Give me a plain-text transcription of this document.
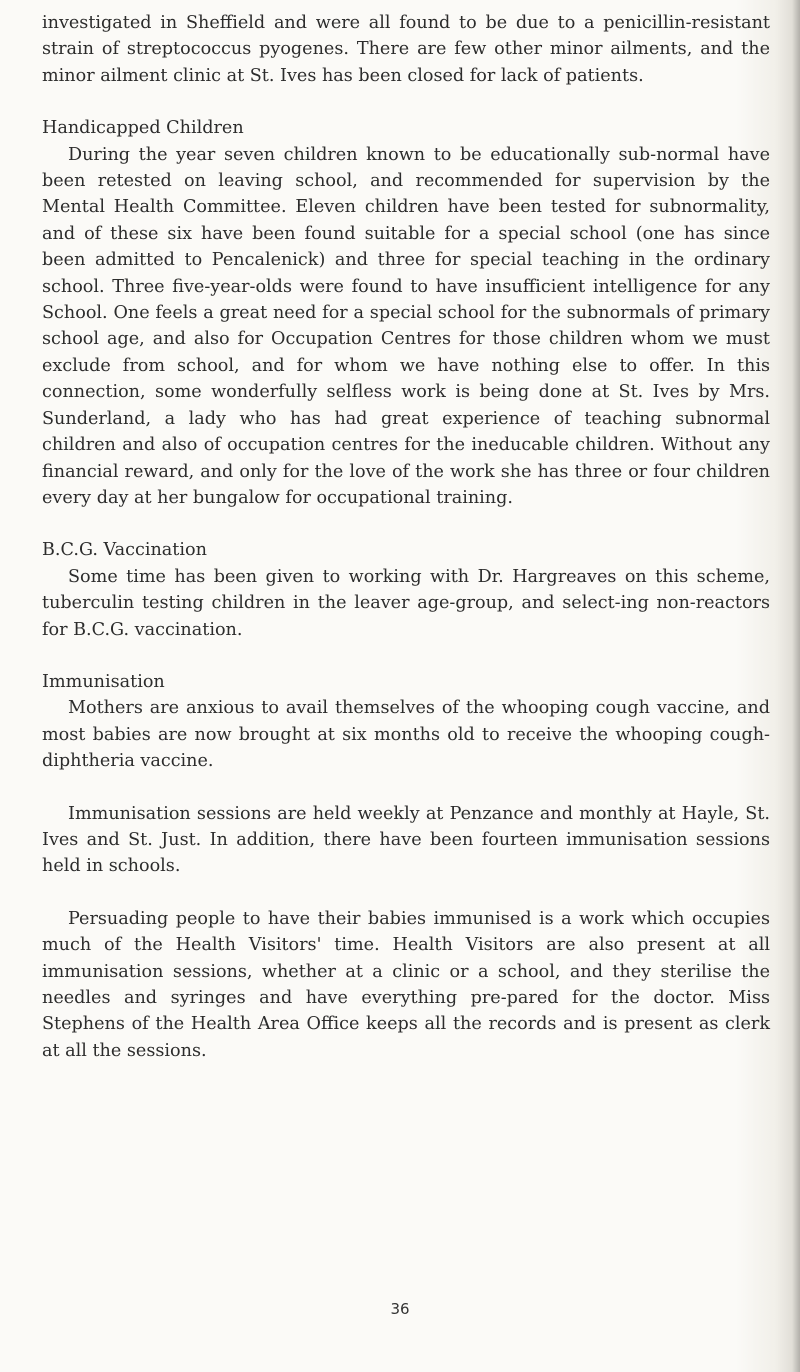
investigated in Sheffield and were all found to be due to a penicillin-resistant strain of streptococcus pyogenes. There are few other minor ailments, and the minor ailment clinic at St. Ives has been closed for lack of patients.

Handicapped Children

During the year seven children known to be educationally sub-normal have been retested on leaving school, and recommended for supervision by the Mental Health Committee. Eleven children have been tested for subnormality, and of these six have been found suitable for a special school (one has since been admitted to Pencalenick) and three for special teaching in the ordinary school. Three five-year-olds were found to have insufficient intelligence for any School. One feels a great need for a special school for the subnormals of primary school age, and also for Occupation Centres for those children whom we must exclude from school, and for whom we have nothing else to offer. In this connection, some wonderfully selfless work is being done at St. Ives by Mrs. Sunderland, a lady who has had great experience of teaching subnormal children and also of occupation centres for the ineducable children. Without any financial reward, and only for the love of the work she has three or four children every day at her bungalow for occupational training.

B.C.G. Vaccination

Some time has been given to working with Dr. Hargreaves on this scheme, tuberculin testing children in the leaver age-group, and select-ing non-reactors for B.C.G. vaccination.

Immunisation

Mothers are anxious to avail themselves of the whooping cough vaccine, and most babies are now brought at six months old to receive the whooping cough-diphtheria vaccine.

Immunisation sessions are held weekly at Penzance and monthly at Hayle, St. Ives and St. Just. In addition, there have been fourteen immunisation sessions held in schools.

Persuading people to have their babies immunised is a work which occupies much of the Health Visitors' time. Health Visitors are also present at all immunisation sessions, whether at a clinic or a school, and they sterilise the needles and syringes and have everything pre-pared for the doctor. Miss Stephens of the Health Area Office keeps all the records and is present as clerk at all the sessions.

36
